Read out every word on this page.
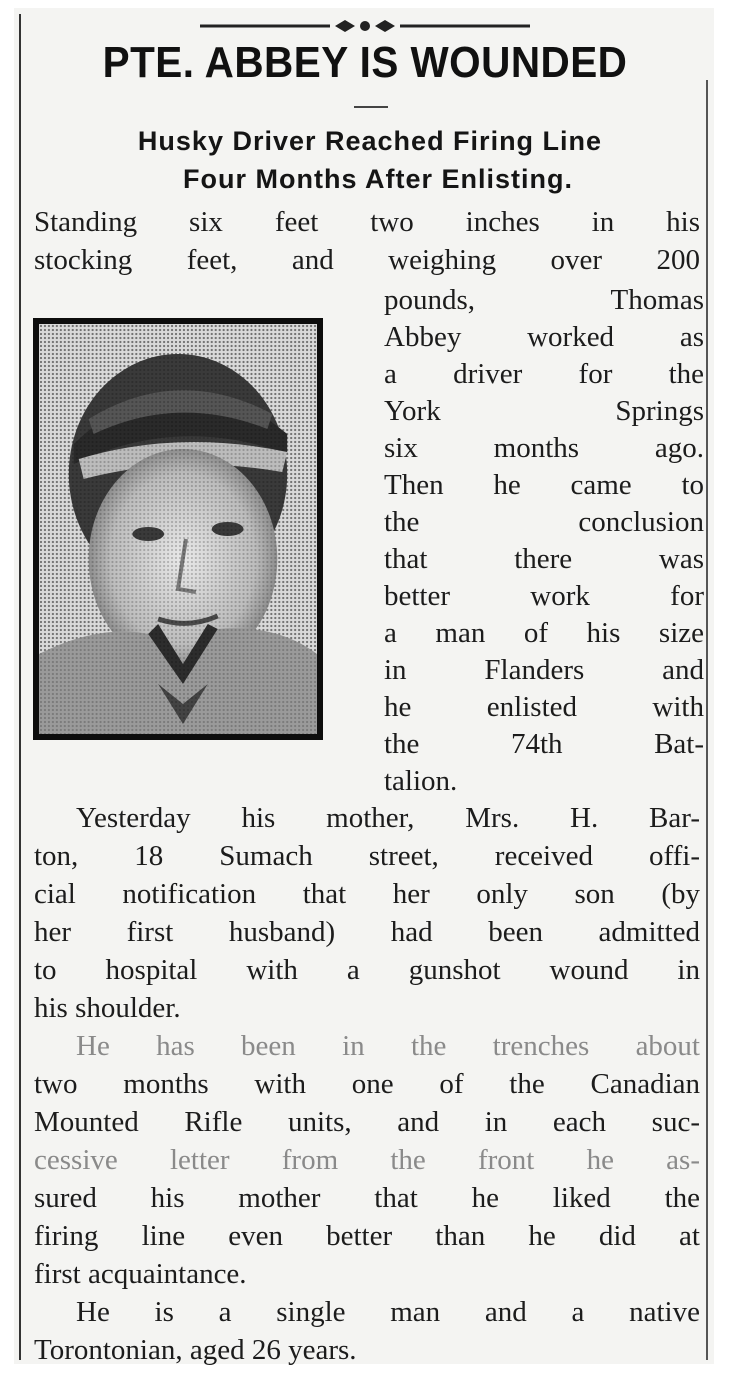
PTE. ABBEY IS WOUNDED
Husky Driver Reached Firing Line
Four Months After Enlisting.
Standing six feet two inches in his
stocking feet, and weighing over 200
pounds, Thomas
Abbey worked as
a driver for the
York Springs
six months ago.
Then he came to
the conclusion
that there was
better work for
a man of his size
in Flanders and
he enlisted with
the 74th Bat-
talion.
Yesterday his mother, Mrs. H. Bar-
ton, 18 Sumach street, received offi-
cial notification that her only son (by
her first husband) had been admitted
to hospital with a gunshot wound in
his shoulder.
He has been in the trenches about
two months with one of the Canadian
Mounted Rifle units, and in each suc-
cessive letter from the front he as-
sured his mother that he liked the
firing line even better than he did at
first acquaintance.
He is a single man and a native
Torontonian, aged 26 years.
